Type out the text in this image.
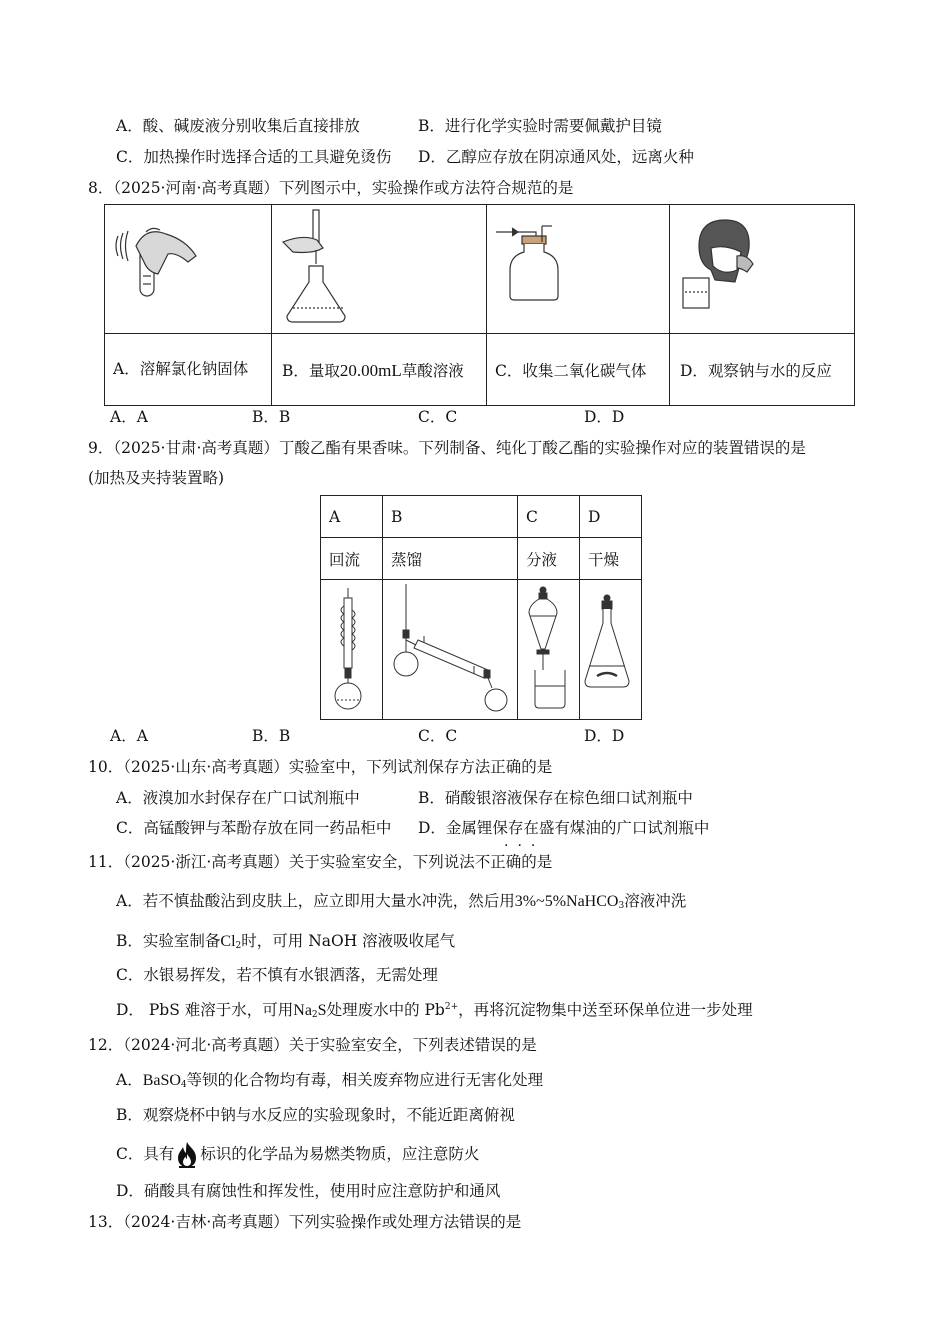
A．酸、碱废液分别收集后直接排放	B．进行化学实验时需要佩戴护目镜
C．加热操作时选择合适的工具避免烫伤 D．乙醇应存放在阴凉通风处，远离火种
8．（2025·河南·高考真题）下列图示中，实验操作或方法符合规范的是

A．溶解氯化钠固体	B．量取20.00mL草酸溶液	C．收集二氧化碳气体	D．观察钠与水的反应
A．A	B．B	C．C	D．D
9．（2025·甘肃·高考真题）丁酸乙酯有果香味。下列制备、纯化丁酸乙酯的实验操作对应的装置错误的是
(加热及夹持装置略)
A	B	C	D
回流	蒸馏	分液	干燥

A．A	B．B	C．C	D．D
10．（2025·山东·高考真题）实验室中，下列试剂保存方法正确的是
A．液溴加水封保存在广口试剂瓶中	B．硝酸银溶液保存在棕色细口试剂瓶中
C．高锰酸钾与苯酚存放在同一药品柜中 D．金属锂保存在盛有煤油的广口试剂瓶中
···
11．（2025·浙江·高考真题）关于实验室安全，下列说法不正确的是
A．若不慎盐酸沾到皮肤上，应立即用大量水冲洗，然后用3%~5%NaHCO$_3$溶液冲洗
B．实验室制备$Cl_2$时，可用 NaOH 溶液吸收尾气
C．水银易挥发，若不慎有水银洒落，无需处理
D． PbS 难溶于水，可用$Na_2S$处理废水中的 $Pb^{2+}$，再将沉淀物集中送至环保单位进一步处理
12．（2024·河北·高考真题）关于实验室安全，下列表述错误的是
A．BaSO$_4$等钡的化合物均有毒，相关废弃物应进行无害化处理
B．观察烧杯中钠与水反应的实验现象时，不能近距离俯视
C．具有 标识的化学品为易燃类物质，应注意防火
D．硝酸具有腐蚀性和挥发性，使用时应注意防护和通风
13．（2024·吉林·高考真题）下列实验操作或处理方法错误的是
